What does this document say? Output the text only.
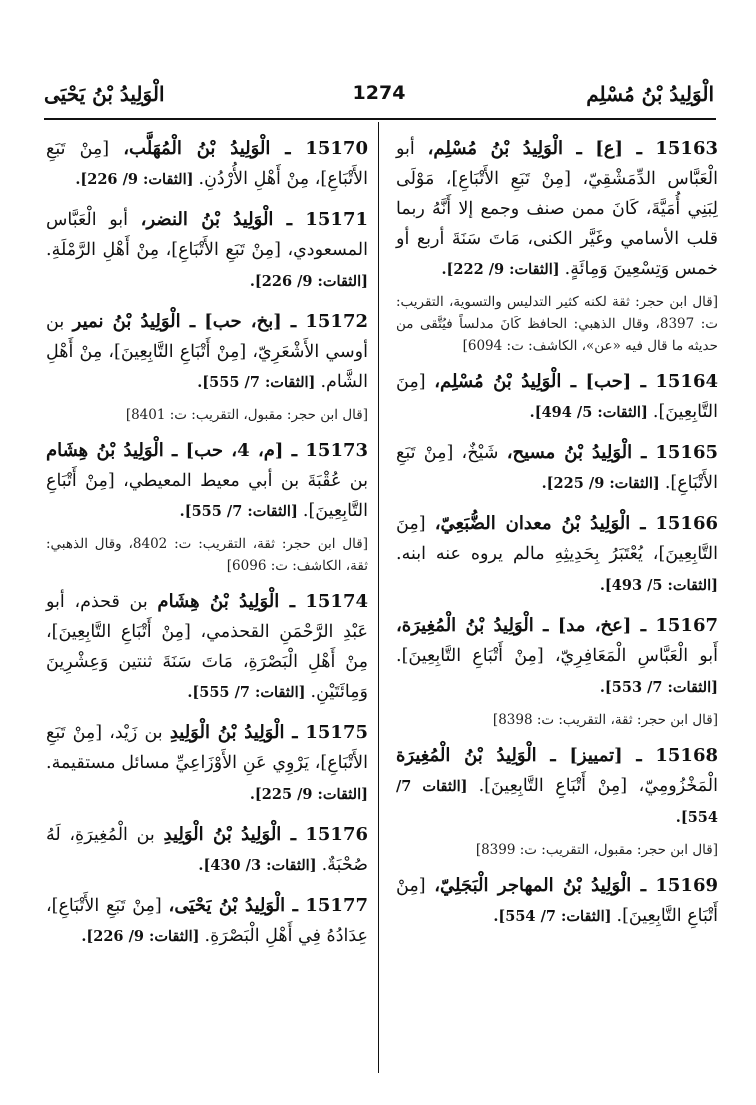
الْوَلِيدُ بْنُ مُسْلِم
1274
الْوَلِيدُ بْنُ يَحْيَى
15163 ـ [ع] ـ الْوَلِيدُ بْنُ مُسْلِم، أبو الْعَبَّاس الدِّمَشْقِيّ، [مِنْ تَبَعِ الأَتْبَاعِ]، مَوْلَى لِبَنِي أُمَيَّةَ، كَانَ ممن صنف وجمع إلا أَنَّهُ ربما قلب الأسامي وغَيَّر الكنى، مَاتَ سَنَةَ أربع أو خمس وَتِسْعِينَ وَمِائَةٍ. [الثقات: 9/ 222].
[قال ابن حجر: ثقة لكنه كثير التدليس والتسوية، التقريب: ت: 8397، وقال الذهبي: الحافظ كَانَ مدلساً فيُتَّقى من حديثه ما قال فيه «عن»، الكاشف: ت: 6094]
15164 ـ [حب] ـ الْوَلِيدُ بْنُ مُسْلِم، [مِنَ التَّابِعِينَ]. [الثقات: 5/ 494].
15165 ـ الْوَلِيدُ بْنُ مسيح، شَيْخٌ، [مِنْ تَبَعِ الأَتْبَاعِ]. [الثقات: 9/ 225].
15166 ـ الْوَلِيدُ بْنُ معدان الضُّبَعِيّ، [مِنَ التَّابِعِينَ]، يُعْتَبَرُ بِحَدِيثِهِ مالم يروه عنه ابنه. [الثقات: 5/ 493].
15167 ـ [عخ، مد] ـ الْوَلِيدُ بْنُ الْمُغِيرَة، أَبو الْعَبَّاسِ الْمَعَافِرِيّ، [مِنْ أَتْبَاعِ التَّابِعِينَ]. [الثقات: 7/ 553].
[قال ابن حجر: ثقة، التقريب: ت: 8398]
15168 ـ [تمييز] ـ الْوَلِيدُ بْنُ الْمُغِيرَة الْمَخْزُومِيّ، [مِنْ أَتْبَاعِ التَّابِعِينَ]. [الثقات 7/ 554].
[قال ابن حجر: مقبول، التقريب: ت: 8399]
15169 ـ الْوَلِيدُ بْنُ المهاجر الْبَجَلِيّ، [مِنْ أَتْبَاعِ التَّابِعِينَ]. [الثقات: 7/ 554].
15170 ـ الْوَلِيدُ بْنُ الْمُهَلَّب، [مِنْ تَبَعِ الأَتْبَاعِ]، مِنْ أَهْلِ الأُرْدُنِ. [الثقات: 9/ 226].
15171 ـ الْوَلِيدُ بْنُ النضر، أبو الْعَبَّاس المسعودي، [مِنْ تَبَعِ الأَتْبَاعِ]، مِنْ أَهْلِ الرَّمْلَةِ. [الثقات: 9/ 226].
15172 ـ [بخ، حب] ـ الْوَلِيدُ بْنُ نمير بن أوسي الأَشْعَرِيّ، [مِنْ أَتْبَاعِ التَّابِعِينَ]، مِنْ أَهْلِ الشَّام. [الثقات: 7/ 555].
[قال ابن حجر: مقبول، التقريب: ت: 8401]
15173 ـ [م، 4، حب] ـ الْوَلِيدُ بْنُ هِشَام بن عُقْبَةَ بن أبي معيط المعيطي، [مِنْ أَتْبَاعِ التَّابِعِينَ]. [الثقات: 7/ 555].
[قال ابن حجر: ثقة، التقريب: ت: 8402، وقال الذهبي: ثقة، الكاشف: ت: 6096]
15174 ـ الْوَلِيدُ بْنُ هِشَام بن قحذم، أبو عَبْدِ الرَّحْمَنِ القحذمي، [مِنْ أَتْبَاعِ التَّابِعِينَ]، مِنْ أَهْلِ الْبَصْرَةِ، مَاتَ سَنَةَ ثنتين وَعِشْرِينَ وَمِائَتَيْنِ. [الثقات: 7/ 555].
15175 ـ الْوَلِيدُ بْنُ الْوَلِيدِ بن زَيْد، [مِنْ تَبَعِ الأَتْبَاعِ]، يَرْوِي عَنِ الأَوْزَاعِيِّ مسائل مستقيمة. [الثقات: 9/ 225].
15176 ـ الْوَلِيدُ بْنُ الْوَلِيدِ بن الْمُغِيرَةِ، لَهُ صُحْبَةٌ. [الثقات: 3/ 430].
15177 ـ الْوَلِيدُ بْنُ يَحْيَى، [مِنْ تَبَعِ الأَتْبَاعِ]، عِدَادُهُ فِي أَهْلِ الْبَصْرَةِ. [الثقات: 9/ 226].
